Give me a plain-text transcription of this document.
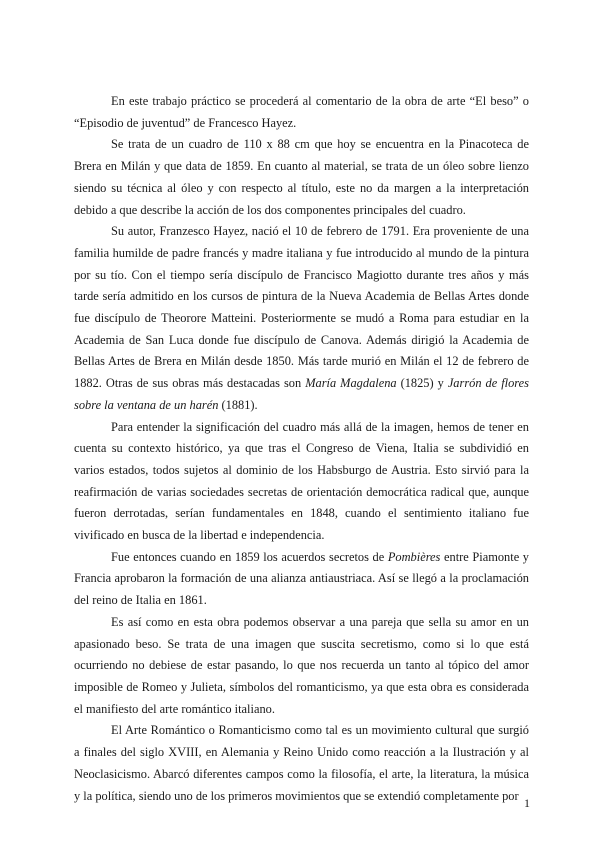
En este trabajo práctico se procederá al comentario de la obra de arte “El beso” o “Episodio de juventud” de Francesco Hayez.

Se trata de un cuadro de 110 x 88 cm que hoy se encuentra en la Pinacoteca de Brera en Milán y que data de 1859. En cuanto al material, se trata de un óleo sobre lienzo siendo su técnica al óleo y con respecto al título, este no da margen a la interpretación debido a que describe la acción de los dos componentes principales del cuadro.

Su autor, Franzesco Hayez, nació el 10 de febrero de 1791. Era proveniente de una familia humilde de padre francés y madre italiana y fue introducido al mundo de la pintura por su tío. Con el tiempo sería discípulo de Francisco Magiotto durante tres años y más tarde sería admitido en los cursos de pintura de la Nueva Academia de Bellas Artes donde fue discípulo de Theorore Matteini. Posteriormente se mudó a Roma para estudiar en la Academia de San Luca donde fue discípulo de Canova. Además dirigió la Academia de Bellas Artes de Brera en Milán desde 1850. Más tarde murió en Milán el 12 de febrero de 1882. Otras de sus obras más destacadas son María Magdalena (1825) y Jarrón de flores sobre la ventana de un harén (1881).

Para entender la significación del cuadro más allá de la imagen, hemos de tener en cuenta su contexto histórico, ya que tras el Congreso de Viena, Italia se subdividió en varios estados, todos sujetos al dominio de los Habsburgo de Austria. Esto sirvió para la reafirmación de varias sociedades secretas de orientación democrática radical que, aunque fueron derrotadas, serían fundamentales en 1848, cuando el sentimiento italiano fue vivificado en busca de la libertad e independencia.

Fue entonces cuando en 1859 los acuerdos secretos de Pombières entre Piamonte y Francia aprobaron la formación de una alianza antiaustriaca. Así se llegó a la proclamación del reino de Italia en 1861.

Es así como en esta obra podemos observar a una pareja que sella su amor en un apasionado beso. Se trata de una imagen que suscita secretismo, como si lo que está ocurriendo no debiese de estar pasando, lo que nos recuerda un tanto al tópico del amor imposible de Romeo y Julieta, símbolos del romanticismo, ya que esta obra es considerada el manifiesto del arte romántico italiano.

El Arte Romántico o Romanticismo como tal es un movimiento cultural que surgió a finales del siglo XVIII, en Alemania y Reino Unido como reacción a la Ilustración y al Neoclasicismo. Abarcó diferentes campos como la filosofía, el arte, la literatura, la música y la política, siendo uno de los primeros movimientos que se extendió completamente por

1
